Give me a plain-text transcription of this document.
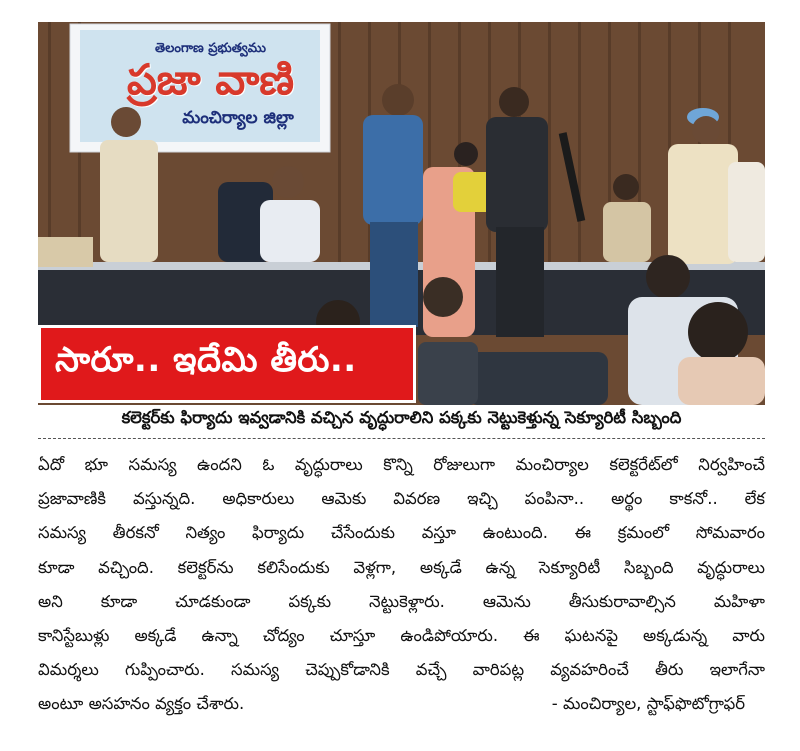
తెలంగాణ ప్రభుత్వము
ప్రజా వాణి
మంచిర్యాల జిల్లా
సారూ.. ఇదేమి తీరు..
కలెక్టర్‌కు ఫిర్యాదు ఇవ్వడానికి వచ్చిన వృద్ధురాలిని పక్కకు నెట్టుకెళ్తున్న సెక్యూరిటీ సిబ్బంది
ఏదో భూ సమస్య ఉందని ఓ వృద్ధురాలు కొన్ని రోజులుగా మంచిర్యాల కలెక్టరేట్‌లో నిర్వహించే
ప్రజావాణికి వస్తున్నది. అధికారులు ఆమెకు వివరణ ఇచ్చి పంపినా.. అర్థం కాకనో.. లేక
సమస్య తీరకనో నిత్యం ఫిర్యాదు చేసేందుకు వస్తూ ఉంటుంది. ఈ క్రమంలో సోమవారం
కూడా వచ్చింది. కలెక్టర్‌ను కలిసేందుకు వెళ్లగా, అక్కడే ఉన్న సెక్యూరిటీ సిబ్బంది వృద్ధురాలు
అని కూడా చూడకుండా పక్కకు నెట్టుకెళ్లారు. ఆమెను తీసుకురావాల్సిన మహిళా
కానిస్టేబుళ్లు అక్కడే ఉన్నా చోద్యం చూస్తూ ఉండిపోయారు. ఈ ఘటనపై అక్కడున్న వారు
విమర్శలు గుప్పించారు. సమస్య చెప్పుకోడానికి వచ్చే వారిపట్ల వ్యవహరించే తీరు ఇలాగేనా
అంటూ అసహనం వ్యక్తం చేశారు.	- మంచిర్యాల, స్టాఫ్‌ఫొటోగ్రాఫర్
